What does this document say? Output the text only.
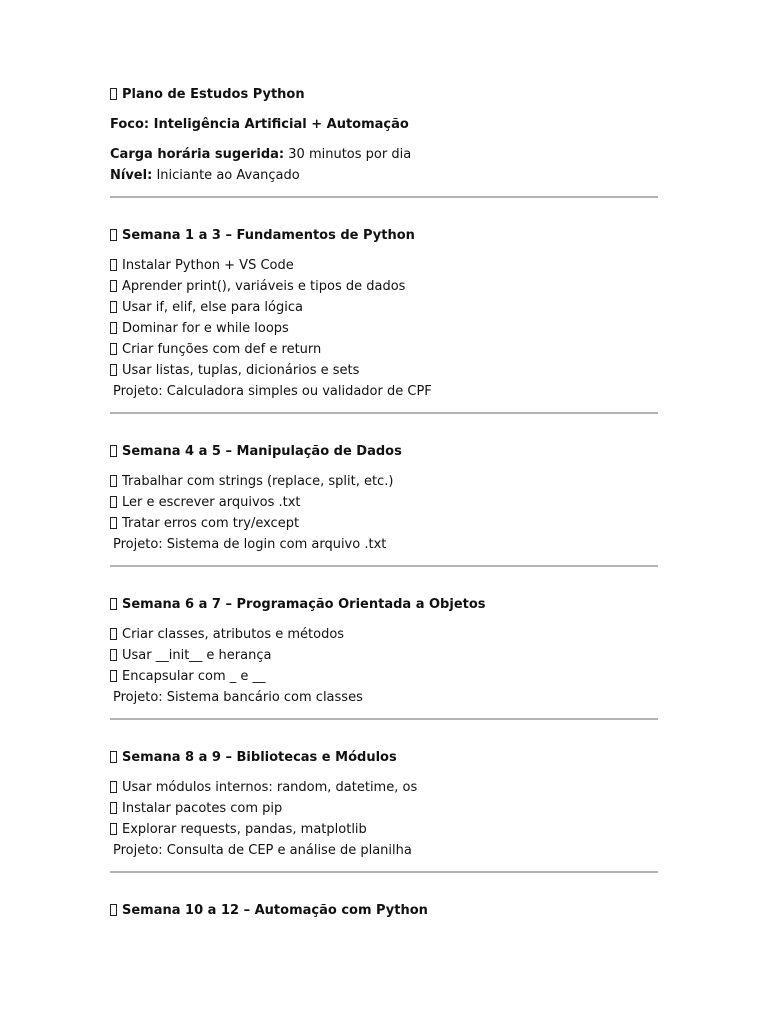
Plano de Estudos Python
Foco: Inteligência Artificial + Automação
Carga horária sugerida: 30 minutos por dia
Nível: Iniciante ao Avançado
Semana 1 a 3 – Fundamentos de Python
Instalar Python + VS Code
Aprender print(), variáveis e tipos de dados
Usar if, elif, else para lógica
Dominar for e while loops
Criar funções com def e return
Usar listas, tuplas, dicionários e sets
Projeto: Calculadora simples ou validador de CPF
Semana 4 a 5 – Manipulação de Dados
Trabalhar com strings (replace, split, etc.)
Ler e escrever arquivos .txt
Tratar erros com try/except
Projeto: Sistema de login com arquivo .txt
Semana 6 a 7 – Programação Orientada a Objetos
Criar classes, atributos e métodos
Usar __init__ e herança
Encapsular com _ e __
Projeto: Sistema bancário com classes
Semana 8 a 9 – Bibliotecas e Módulos
Usar módulos internos: random, datetime, os
Instalar pacotes com pip
Explorar requests, pandas, matplotlib
Projeto: Consulta de CEP e análise de planilha
Semana 10 a 12 – Automação com Python
